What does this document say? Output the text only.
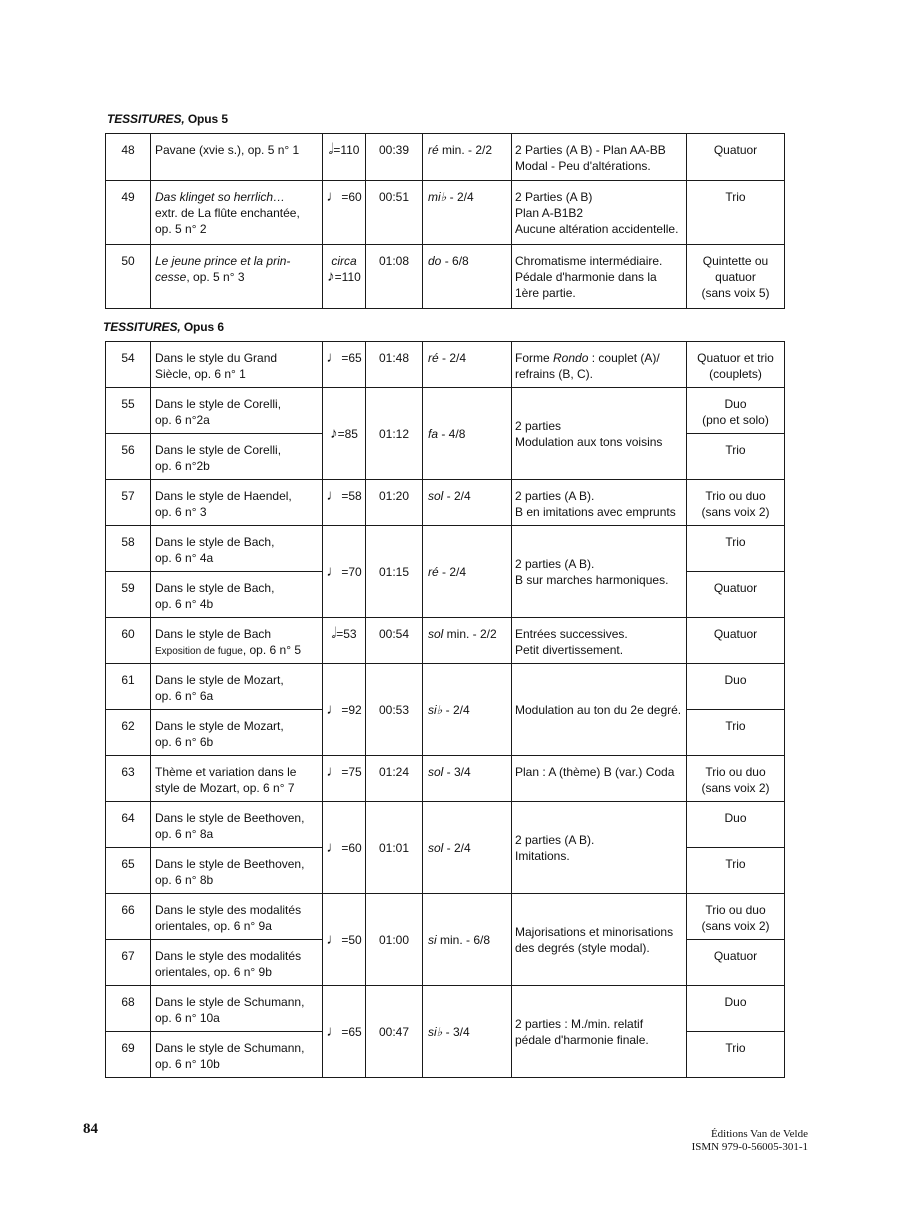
TESSITURES, Opus 5
48	Pavane (xvie s.), op. 5 n° 1	𝅗𝅥=110	00:39	ré min. - 2/2	2 Parties (A B) - Plan AA-BB
Modal - Peu d'altérations.	Quatuor
49	Das klinget so herrlich…
extr. de La flûte enchantée,
op. 5 n° 2	♩=60	00:51	mi♭ - 2/4	2 Parties (A B)
Plan A-B1B2
Aucune altération accidentelle.	Trio
50	Le jeune prince et la prin-
cesse, op. 5 n° 3	circa
♪=110	01:08	do - 6/8	Chromatisme intermédiaire.
Pédale d'harmonie dans la
1ère partie.	Quintette ou
quatuor
(sans voix 5)
TESSITURES, Opus 6
54	Dans le style du Grand
Siècle, op. 6 n° 1	♩=65	01:48	ré - 2/4	Forme Rondo : couplet (A)/
refrains (B, C).	Quatuor et trio
(couplets)
55	Dans le style de Corelli,
op. 6 n°2a	♪=85	01:12	fa - 4/8	2 parties
Modulation aux tons voisins	Duo
(pno et solo)
56	Dans le style de Corelli,
op. 6 n°2b					Trio
57	Dans le style de Haendel,
op. 6 n° 3	♩=58	01:20	sol - 2/4	2 parties (A B).
B en imitations avec emprunts	Trio ou duo
(sans voix 2)
58	Dans le style de Bach,
op. 6 n° 4a	♩=70	01:15	ré - 2/4	2 parties (A B).
B sur marches harmoniques.	Trio
59	Dans le style de Bach,
op. 6 n° 4b					Quatuor
60	Dans le style de Bach
Exposition de fugue, op. 6 n° 5	𝅗𝅥=53	00:54	sol min. - 2/2	Entrées successives.
Petit divertissement.	Quatuor
61	Dans le style de Mozart,
op. 6 n° 6a	♩=92	00:53	si♭ - 2/4	Modulation au ton du 2e degré.	Duo
62	Dans le style de Mozart,
op. 6 n° 6b					Trio
63	Thème et variation dans le
style de Mozart, op. 6 n° 7	♩=75	01:24	sol - 3/4	Plan : A (thème) B (var.) Coda	Trio ou duo
(sans voix 2)
64	Dans le style de Beethoven,
op. 6 n° 8a	♩=60	01:01	sol - 2/4	2 parties (A B).
Imitations.	Duo
65	Dans le style de Beethoven,
op. 6 n° 8b					Trio
66	Dans le style des modalités
orientales, op. 6 n° 9a	♩=50	01:00	si min. - 6/8	Majorisations et minorisations
des degrés (style modal).	Trio ou duo
(sans voix 2)
67	Dans le style des modalités
orientales, op. 6 n° 9b					Quatuor
68	Dans le style de Schumann,
op. 6 n° 10a	♩=65	00:47	si♭ - 3/4	2 parties : M./min. relatif
pédale d'harmonie finale.	Duo
69	Dans le style de Schumann,
op. 6 n° 10b					Trio
84	Éditions Van de Velde
ISMN 979-0-56005-301-1
